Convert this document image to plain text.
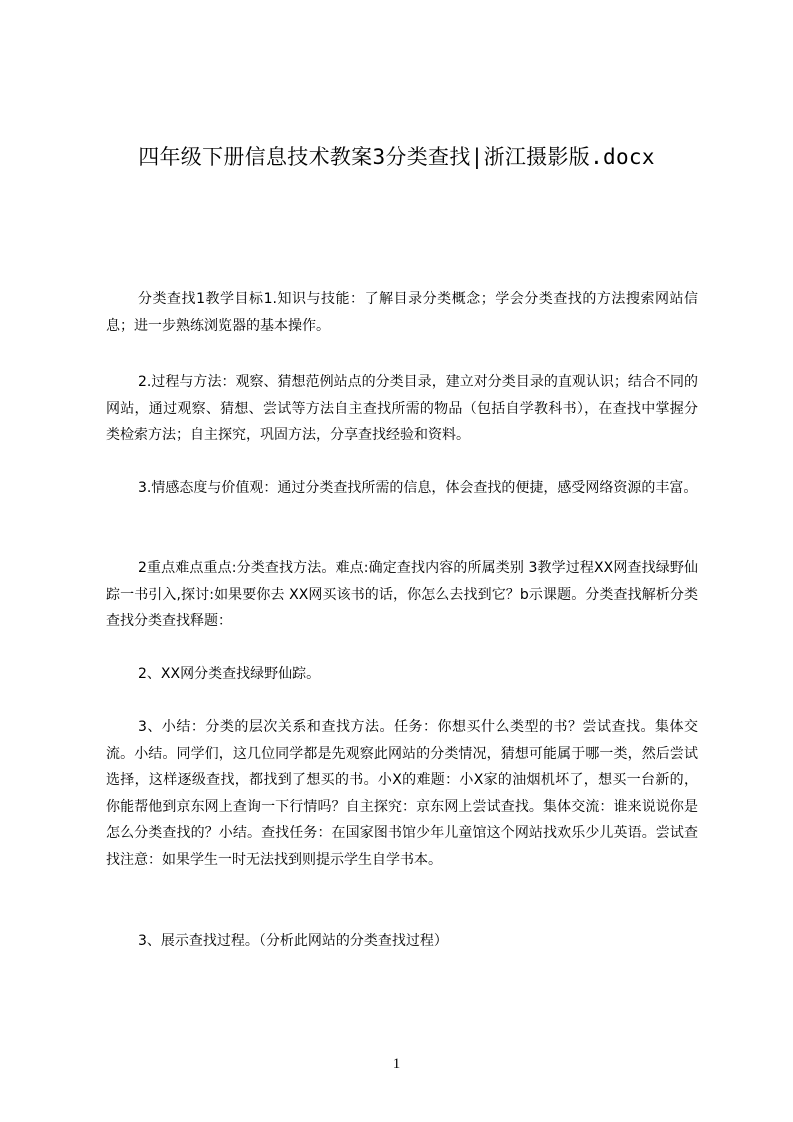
四年级下册信息技术教案3分类查找|浙江摄影版.docx

分类查找1教学目标1.知识与技能：了解目录分类概念；学会分类查找的方法搜索网站信息；进一步熟练浏览器的基本操作。

2.过程与方法：观察、猜想范例站点的分类目录，建立对分类目录的直观认识；结合不同的网站，通过观察、猜想、尝试等方法自主查找所需的物品（包括自学教科书），在查找中掌握分类检索方法；自主探究，巩固方法，分享查找经验和资料。

3.情感态度与价值观：通过分类查找所需的信息，体会查找的便捷，感受网络资源的丰富。

2重点难点重点:分类查找方法。难点:确定查找内容的所属类别 3教学过程XX网查找绿野仙踪一书引入,探讨:如果要你去 XX网买该书的话，你怎么去找到它？b示课题。分类查找解析分类查找分类查找释题：

2、XX网分类查找绿野仙踪。

3、小结：分类的层次关系和查找方法。任务：你想买什么类型的书？尝试查找。集体交流。小结。同学们，这几位同学都是先观察此网站的分类情况，猜想可能属于哪一类，然后尝试选择，这样逐级查找，都找到了想买的书。小X的难题：小X家的油烟机坏了，想买一台新的，你能帮他到京东网上查询一下行情吗？自主探究：京东网上尝试查找。集体交流：谁来说说你是怎么分类查找的？小结。查找任务：在国家图书馆少年儿童馆这个网站找欢乐少儿英语。尝试查找注意：如果学生一时无法找到则提示学生自学书本。

3、展示查找过程。（分析此网站的分类查找过程）

1
